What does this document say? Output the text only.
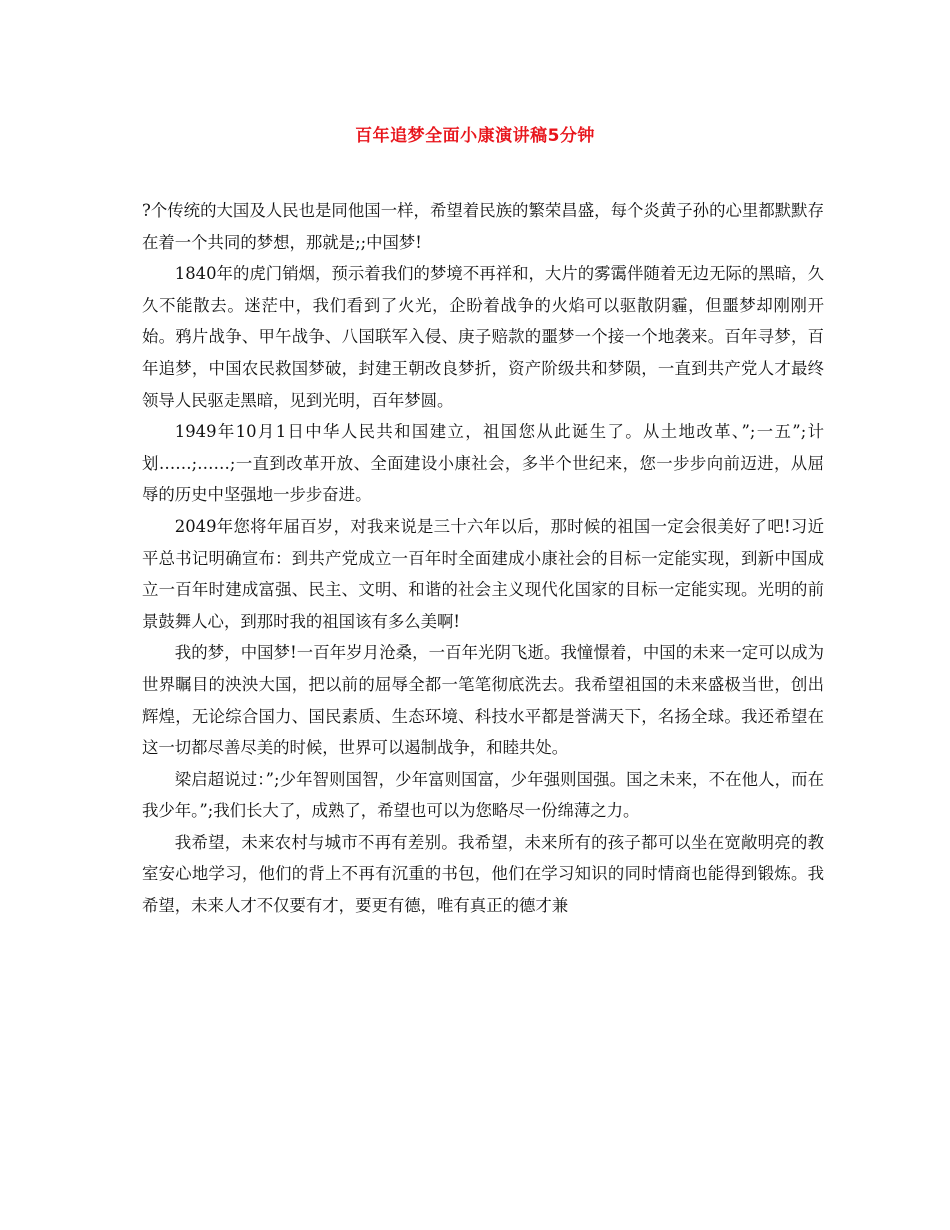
百年追梦全面小康演讲稿5分钟

?个传统的大国及人民也是同他国一样，希望着民族的繁荣昌盛，每个炎黄子孙的心里都默默存在着一个共同的梦想，那就是;;中国梦!

1840年的虎门销烟，预示着我们的梦境不再祥和，大片的雾霭伴随着无边无际的黑暗，久久不能散去。迷茫中，我们看到了火光，企盼着战争的火焰可以驱散阴霾，但噩梦却刚刚开始。鸦片战争、甲午战争、八国联军入侵、庚子赔款的噩梦一个接一个地袭来。百年寻梦，百年追梦，中国农民救国梦破，封建王朝改良梦折，资产阶级共和梦陨，一直到共产党人才最终领导人民驱走黑暗，见到光明，百年梦圆。

1949年10月1日中华人民共和国建立，祖国您从此诞生了。从土地改革、”;一五”;计划……;……;一直到改革开放、全面建设小康社会，多半个世纪来，您一步步向前迈进，从屈辱的历史中坚强地一步步奋进。

2049年您将年届百岁，对我来说是三十六年以后，那时候的祖国一定会很美好了吧!习近平总书记明确宣布：到共产党成立一百年时全面建成小康社会的目标一定能实现，到新中国成立一百年时建成富强、民主、文明、和谐的社会主义现代化国家的目标一定能实现。光明的前景鼓舞人心，到那时我的祖国该有多么美啊!

我的梦，中国梦!一百年岁月沧桑，一百年光阴飞逝。我憧憬着，中国的未来一定可以成为世界瞩目的泱泱大国，把以前的屈辱全都一笔笔彻底洗去。我希望祖国的未来盛极当世，创出辉煌，无论综合国力、国民素质、生态环境、科技水平都是誉满天下，名扬全球。我还希望在这一切都尽善尽美的时候，世界可以遏制战争，和睦共处。

梁启超说过：”;少年智则国智，少年富则国富，少年强则国强。国之未来，不在他人，而在我少年。”;我们长大了，成熟了，希望也可以为您略尽一份绵薄之力。

我希望，未来农村与城市不再有差别。我希望，未来所有的孩子都可以坐在宽敞明亮的教室安心地学习，他们的背上不再有沉重的书包，他们在学习知识的同时情商也能得到锻炼。我希望，未来人才不仅要有才，要更有德，唯有真正的德才兼
